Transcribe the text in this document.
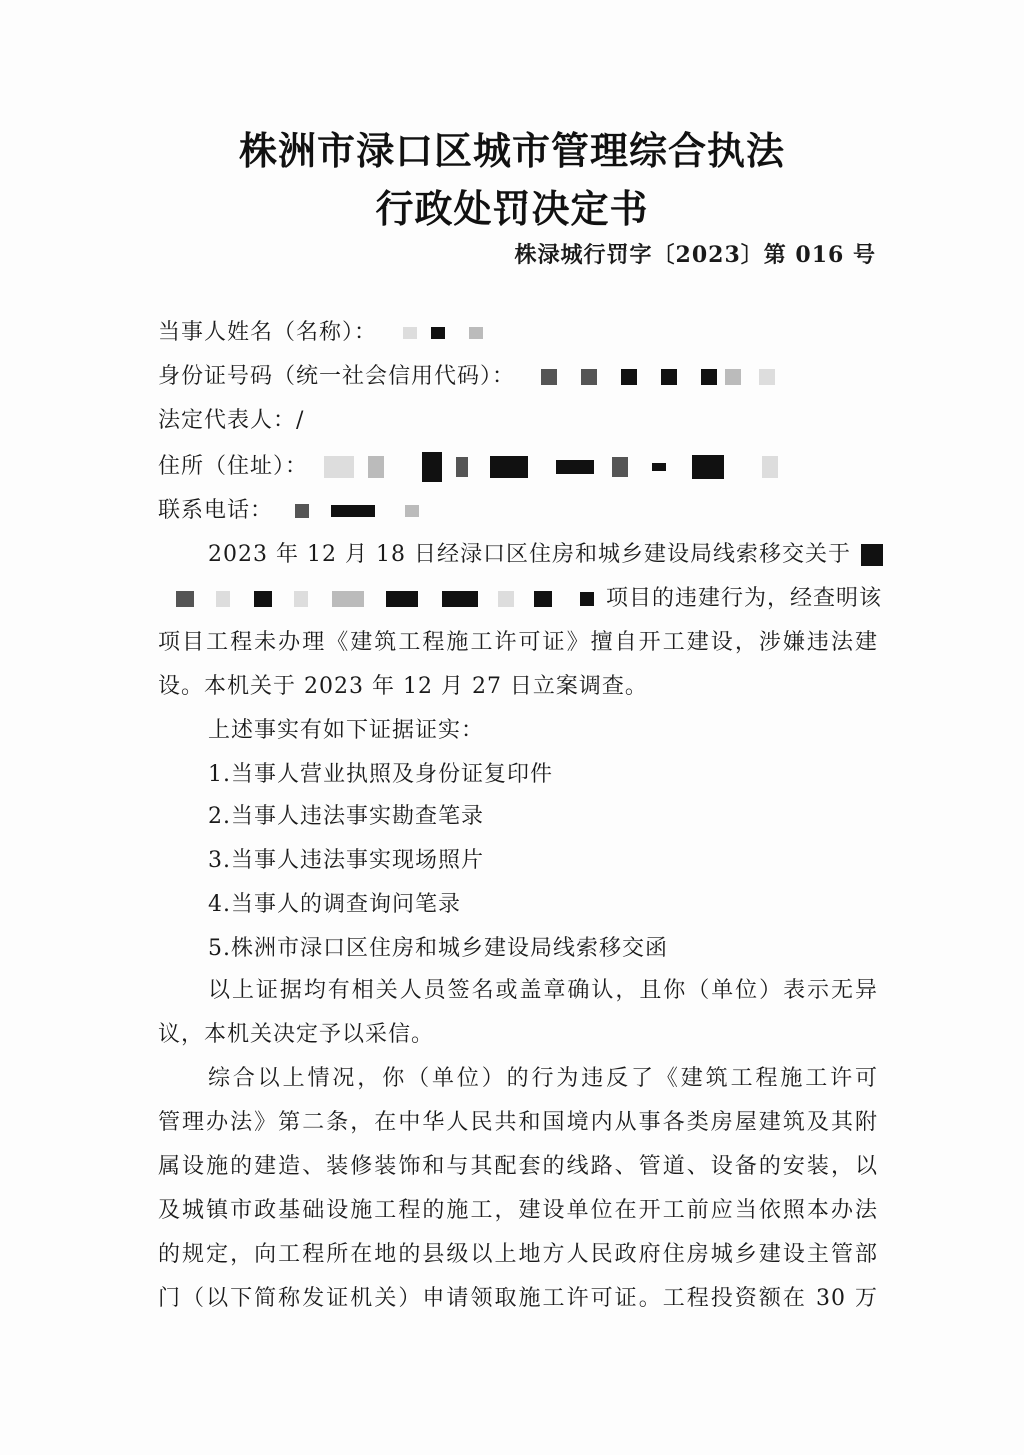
株洲市渌口区城市管理综合执法
行政处罚决定书
株渌城行罚字〔2023〕第 016 号
当事人姓名（名称）：
身份证号码（统一社会信用代码）：
法定代表人：/
住所（住址）：
联系电话：
2023 年 12 月 18 日经渌口区住房和城乡建设局线索移交关于
项目的违建行为，经查明该
项目工程未办理《建筑工程施工许可证》擅自开工建设，涉嫌违法建
设。本机关于 2023 年 12 月 27 日立案调查。
上述事实有如下证据证实：
1.当事人营业执照及身份证复印件
2.当事人违法事实勘查笔录
3.当事人违法事实现场照片
4.当事人的调查询问笔录
5.株洲市渌口区住房和城乡建设局线索移交函
以上证据均有相关人员签名或盖章确认，且你（单位）表示无异
议，本机关决定予以采信。
综合以上情况，你（单位）的行为违反了《建筑工程施工许可
管理办法》第二条，在中华人民共和国境内从事各类房屋建筑及其附
属设施的建造、装修装饰和与其配套的线路、管道、设备的安装，以
及城镇市政基础设施工程的施工，建设单位在开工前应当依照本办法
的规定，向工程所在地的县级以上地方人民政府住房城乡建设主管部
门（以下简称发证机关）申请领取施工许可证。工程投资额在 30 万
